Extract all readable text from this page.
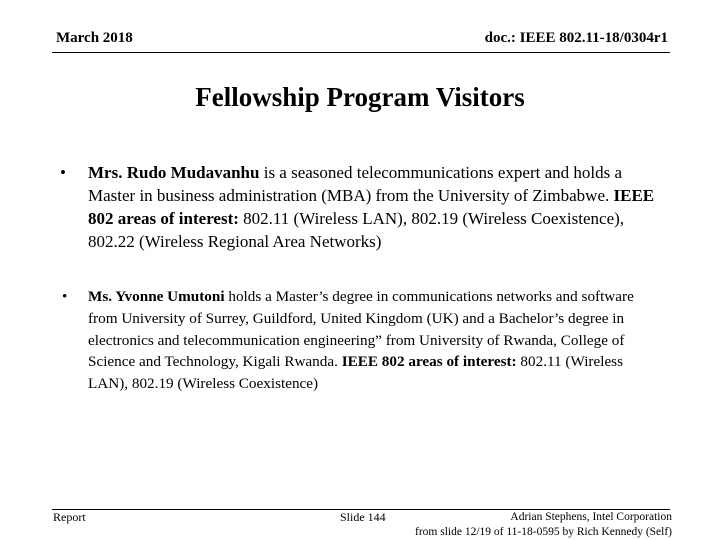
March 2018	doc.: IEEE 802.11-18/0304r1
Fellowship Program Visitors
• Mrs. Rudo Mudavanhu is a seasoned telecommunications expert and holds a Master in business administration (MBA) from the University of Zimbabwe. IEEE 802 areas of interest: 802.11 (Wireless LAN), 802.19 (Wireless Coexistence), 802.22 (Wireless Regional Area Networks)
• Ms. Yvonne Umutoni holds a Master’s degree in communications networks and software from University of Surrey, Guildford, United Kingdom (UK) and a Bachelor’s degree in electronics and telecommunication engineering” from University of Rwanda, College of Science and Technology, Kigali Rwanda. IEEE 802 areas of interest: 802.11 (Wireless LAN), 802.19 (Wireless Coexistence)
Report	Slide 144	Adrian Stephens, Intel Corporation
from slide 12/19 of 11-18-0595 by Rich Kennedy (Self)
